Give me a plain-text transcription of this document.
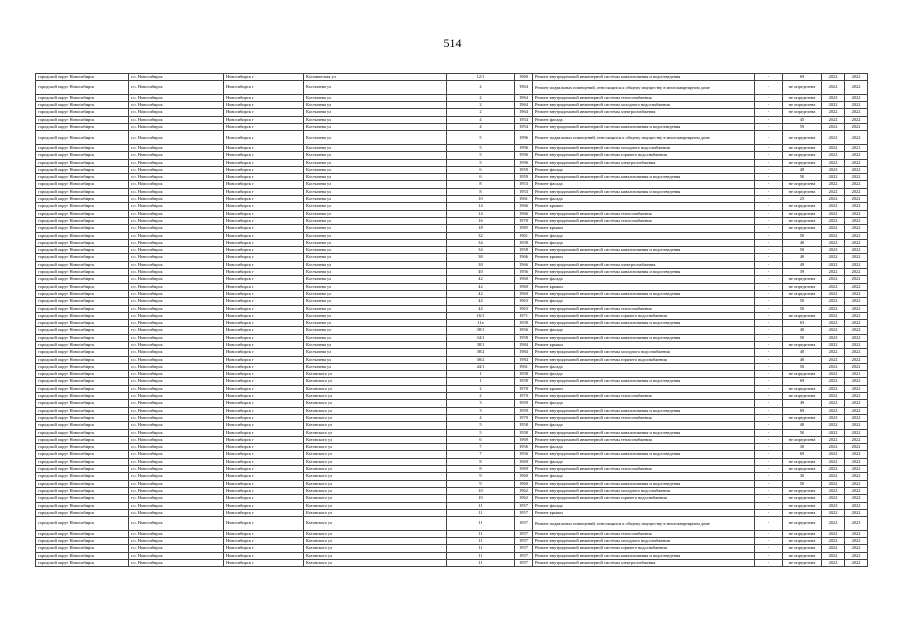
514
городской округ Новосибирск	г.о. Новосибирск	Новосибирск г	Космическая ул	12/1	1960	Ремонт внутридомовой инженерной системы канализования и водоотведения	-	69	2022	2022
городской округ Новосибирск	г.о. Новосибирск	Новосибирск г	Костычева ул	2	1964	Ремонт подвальных помещений, относящихся к общему имуществу в многоквартирном доме	-	не определена	2022	2022
городской округ Новосибирск	г.о. Новосибирск	Новосибирск г	Костычева ул	2	1964	Ремонт внутридомовой инженерной системы теплоснабжения	-	не определена	2022	2022
городской округ Новосибирск	г.о. Новосибирск	Новосибирск г	Костычева ул	2	1964	Ремонт внутридомовой инженерной системы холодного водоснабжения	-	не определена	2022	2022
городской округ Новосибирск	г.о. Новосибирск	Новосибирск г	Костычева ул	2	1964	Ремонт внутридомовой инженерной системы электроснабжения	-	не определена	2022	2022
городской округ Новосибирск	г.о. Новосибирск	Новосибирск г	Костычева ул	4	1954	Ремонт фасада	-	45	2022	2022
городской округ Новосибирск	г.о. Новосибирск	Новосибирск г	Костычева ул	4	1954	Ремонт внутридомовой инженерной системы канализования и водоотведения	-	59	2022	2022
городской округ Новосибирск	г.о. Новосибирск	Новосибирск г	Костычева ул	5	1996	Ремонт подвальных помещений, относящихся к общему имуществу в многоквартирном доме	-	не определена	2022	2022
городской округ Новосибирск	г.о. Новосибирск	Новосибирск г	Костычева ул	5	1996	Ремонт внутридомовой инженерной системы холодного водоснабжения	-	не определена	2022	2021
городской округ Новосибирск	г.о. Новосибирск	Новосибирск г	Костычева ул	5	1996	Ремонт внутридомовой инженерной системы горячего водоснабжения	-	не определена	2022	2022
городской округ Новосибирск	г.о. Новосибирск	Новосибирск г	Костычева ул	5	1996	Ремонт внутридомовой инженерной системы электроснабжения	-	не определена	2022	2022
городской округ Новосибирск	г.о. Новосибирск	Новосибирск г	Костычева ул	6	1959	Ремонт фасада	-	40	2022	2022
городской округ Новосибирск	г.о. Новосибирск	Новосибирск г	Костычева ул	6	1959	Ремонт внутридомовой инженерной системы канализования и водоотведения	-	50	2022	2022
городской округ Новосибирск	г.о. Новосибирск	Новосибирск г	Костычева ул	8	1953	Ремонт фасада	-	не определена	2022	2022
городской округ Новосибирск	г.о. Новосибирск	Новосибирск г	Костычева ул	8	1953	Ремонт внутридомовой инженерной системы канализования и водоотведения	-	не определена	2022	2022
городской округ Новосибирск	г.о. Новосибирск	Новосибирск г	Костычева ул	10	1961	Ремонт фасада	-	25	2022	2022
городской округ Новосибирск	г.о. Новосибирск	Новосибирск г	Костычева ул	14	1966	Ремонт крыши	-	не определена	2022	2022
городской округ Новосибирск	г.о. Новосибирск	Новосибирск г	Костычева ул	14	1966	Ремонт внутридомовой инженерной системы теплоснабжения	-	не определена	2022	2022
городской округ Новосибирск	г.о. Новосибирск	Новосибирск г	Костычева ул	16	1970	Ремонт внутридомовой инженерной системы теплоснабжения	-	не определена	2022	2022
городской округ Новосибирск	г.о. Новосибирск	Новосибирск г	Костычева ул	18	1985	Ремонт крыши	-	не определена	2022	2022
городской округ Новосибирск	г.о. Новосибирск	Новосибирск г	Костычева ул	32	1961	Ремонт фасада	-	50	2022	2022
городской округ Новосибирск	г.о. Новосибирск	Новосибирск г	Костычева ул	34	1958	Ремонт фасада	-	40	2022	2022
городской округ Новосибирск	г.о. Новосибирск	Новосибирск г	Костычева ул	34	1958	Ремонт внутридомовой инженерной системы канализования и водоотведения	-	50	2022	2022
городской округ Новосибирск	г.о. Новосибирск	Новосибирск г	Костычева ул	38	1966	Ремонт крыши	-	40	2022	2022
городской округ Новосибирск	г.о. Новосибирск	Новосибирск г	Костычева ул	38	1966	Ремонт внутридомовой инженерной системы электроснабжения	-	49	2022	2022
городской округ Новосибирск	г.о. Новосибирск	Новосибирск г	Костычева ул	40	1956	Ремонт внутридомовой инженерной системы канализования и водоотведения	-	39	2022	2022
городской округ Новосибирск	г.о. Новосибирск	Новосибирск г	Костычева ул	42	1960	Ремонт фасада	-	не определена	2022	2022
городской округ Новосибирск	г.о. Новосибирск	Новосибирск г	Костычева ул	42	1960	Ремонт крыши	-	не определена	2022	2022
городской округ Новосибирск	г.о. Новосибирск	Новосибирск г	Костычева ул	42	1960	Ремонт внутридомовой инженерной системы канализования и водоотведения	-	не определена	2022	2022
городской округ Новосибирск	г.о. Новосибирск	Новосибирск г	Костычева ул	44	1963	Ремонт фасада	-	50	2022	2022
городской округ Новосибирск	г.о. Новосибирск	Новосибирск г	Костычева ул	44	1963	Ремонт внутридомовой инженерной системы теплоснабжения	-	50	2022	2022
городской округ Новосибирск	г.о. Новосибирск	Новосибирск г	Костычева ул	16/1	1971	Ремонт внутридомовой инженерной системы горячего водоснабжения	-	не определена	2022	2022
городской округ Новосибирск	г.о. Новосибирск	Новосибирск г	Костычева ул	11а	1958	Ремонт внутридомовой инженерной системы канализования и водоотведения	-	63	2022	2022
городской округ Новосибирск	г.о. Новосибирск	Новосибирск г	Костычева ул	38/1	1956	Ремонт фасада	-	40	2022	2022
городской округ Новосибирск	г.о. Новосибирск	Новосибирск г	Костычева ул	34/1	1958	Ремонт внутридомовой инженерной системы канализования и водоотведения	-	50	2022	2022
городской округ Новосибирск	г.о. Новосибирск	Новосибирск г	Костычева ул	38/1	1984	Ремонт крыши	-	не определена	2022	2022
городской округ Новосибирск	г.о. Новосибирск	Новосибирск г	Костычева ул	38/2	1984	Ремонт внутридомовой инженерной системы холодного водоснабжения	-	40	2022	2022
городской округ Новосибирск	г.о. Новосибирск	Новосибирск г	Костычева ул	38/2	1984	Ремонт внутридомовой инженерной системы горячего водоснабжения	-	40	2022	2022
городской округ Новосибирск	г.о. Новосибирск	Новосибирск г	Костычева ул	44/1	1961	Ремонт фасада	-	50	2022	2022
городской округ Новосибирск	г.о. Новосибирск	Новосибирск г	Котовского ул	1	1958	Ремонт фасада	-	не определена	2022	2021
городской округ Новосибирск	г.о. Новосибирск	Новосибирск г	Котовского ул	1	1958	Ремонт внутридомовой инженерной системы канализования и водоотведения	-	69	2022	2022
городской округ Новосибирск	г.о. Новосибирск	Новосибирск г	Котовского ул	2	1970	Ремонт крыши	-	не определена	2022	2022
городской округ Новосибирск	г.о. Новосибирск	Новосибирск г	Котовского ул	2	1970	Ремонт внутридомовой инженерной системы теплоснабжения	-	не определена	2022	2022
городской округ Новосибирск	г.о. Новосибирск	Новосибирск г	Котовского ул	3	1959	Ремонт фасада	-	49	2022	2022
городской округ Новосибирск	г.о. Новосибирск	Новосибирск г	Котовского ул	3	1959	Ремонт внутридомовой инженерной системы канализования и водоотведения	-	69	2022	2022
городской округ Новосибирск	г.о. Новосибирск	Новосибирск г	Котовского ул	4	1970	Ремонт внутридомовой инженерной системы теплоснабжения	-	не определена	2022	2022
городской округ Новосибирск	г.о. Новосибирск	Новосибирск г	Котовского ул	5	1958	Ремонт фасада	-	40	2022	2022
городской округ Новосибирск	г.о. Новосибирск	Новосибирск г	Котовского ул	5	1958	Ремонт внутридомовой инженерной системы канализования и водоотведения	-	50	2022	2022
городской округ Новосибирск	г.о. Новосибирск	Новосибирск г	Котовского ул	6	1969	Ремонт внутридомовой инженерной системы теплоснабжения	-	не определена	2022	2022
городской округ Новосибирск	г.о. Новосибирск	Новосибирск г	Котовского ул	7	1956	Ремонт фасада	-	30	2022	2022
городской округ Новосибирск	г.о. Новосибирск	Новосибирск г	Котовского ул	7	1956	Ремонт внутридомовой инженерной системы канализования и водоотведения	-	69	2022	2022
городской округ Новосибирск	г.о. Новосибирск	Новосибирск г	Котовского ул	8	1969	Ремонт фасада	-	не определена	2022	2022
городской округ Новосибирск	г.о. Новосибирск	Новосибирск г	Котовского ул	8	1969	Ремонт внутридомовой инженерной системы теплоснабжения	-	не определена	2022	2022
городской округ Новосибирск	г.о. Новосибирск	Новосибирск г	Котовского ул	9	1960	Ремонт фасада	-	30	2022	2022
городской округ Новосибирск	г.о. Новосибирск	Новосибирск г	Котовского ул	9	1960	Ремонт внутридомовой инженерной системы канализования и водоотведения	-	50	2022	2022
городской округ Новосибирск	г.о. Новосибирск	Новосибирск г	Котовского ул	10	1962	Ремонт внутридомовой инженерной системы холодного водоснабжения	-	не определена	2022	2022
городской округ Новосибирск	г.о. Новосибирск	Новосибирск г	Котовского ул	10	1962	Ремонт внутридомовой инженерной системы горячего водоснабжения	-	не определена	2022	2022
городской округ Новосибирск	г.о. Новосибирск	Новосибирск г	Котовского ул	11	1957	Ремонт фасада	-	не определена	2022	2022
городской округ Новосибирск	г.о. Новосибирск	Новосибирск г	Котовского ул	11	1957	Ремонт крыши	-	не определена	2022	2022
городской округ Новосибирск	г.о. Новосибирск	Новосибирск г	Котовского ул	11	1957	Ремонт подвальных помещений, относящихся к общему имуществу в многоквартирном доме	-	не определена	2022	2023
городской округ Новосибирск	г.о. Новосибирск	Новосибирск г	Котовского ул	11	1957	Ремонт внутридомовой инженерной системы теплоснабжения	-	не определена	2022	2022
городской округ Новосибирск	г.о. Новосибирск	Новосибирск г	Котовского ул	11	1957	Ремонт внутридомовой инженерной системы холодного водоснабжения	-	не определена	2022	2022
городской округ Новосибирск	г.о. Новосибирск	Новосибирск г	Котовского ул	11	1957	Ремонт внутридомовой инженерной системы горячего водоснабжения	-	не определена	2022	2022
городской округ Новосибирск	г.о. Новосибирск	Новосибирск г	Котовского ул	11	1957	Ремонт внутридомовой инженерной системы канализования и водоотведения	-	не определена	2022	2022
городской округ Новосибирск	г.о. Новосибирск	Новосибирск г	Котовского ул	11	1957	Ремонт внутридомовой инженерной системы электроснабжения	-	не определена	2022	2022
